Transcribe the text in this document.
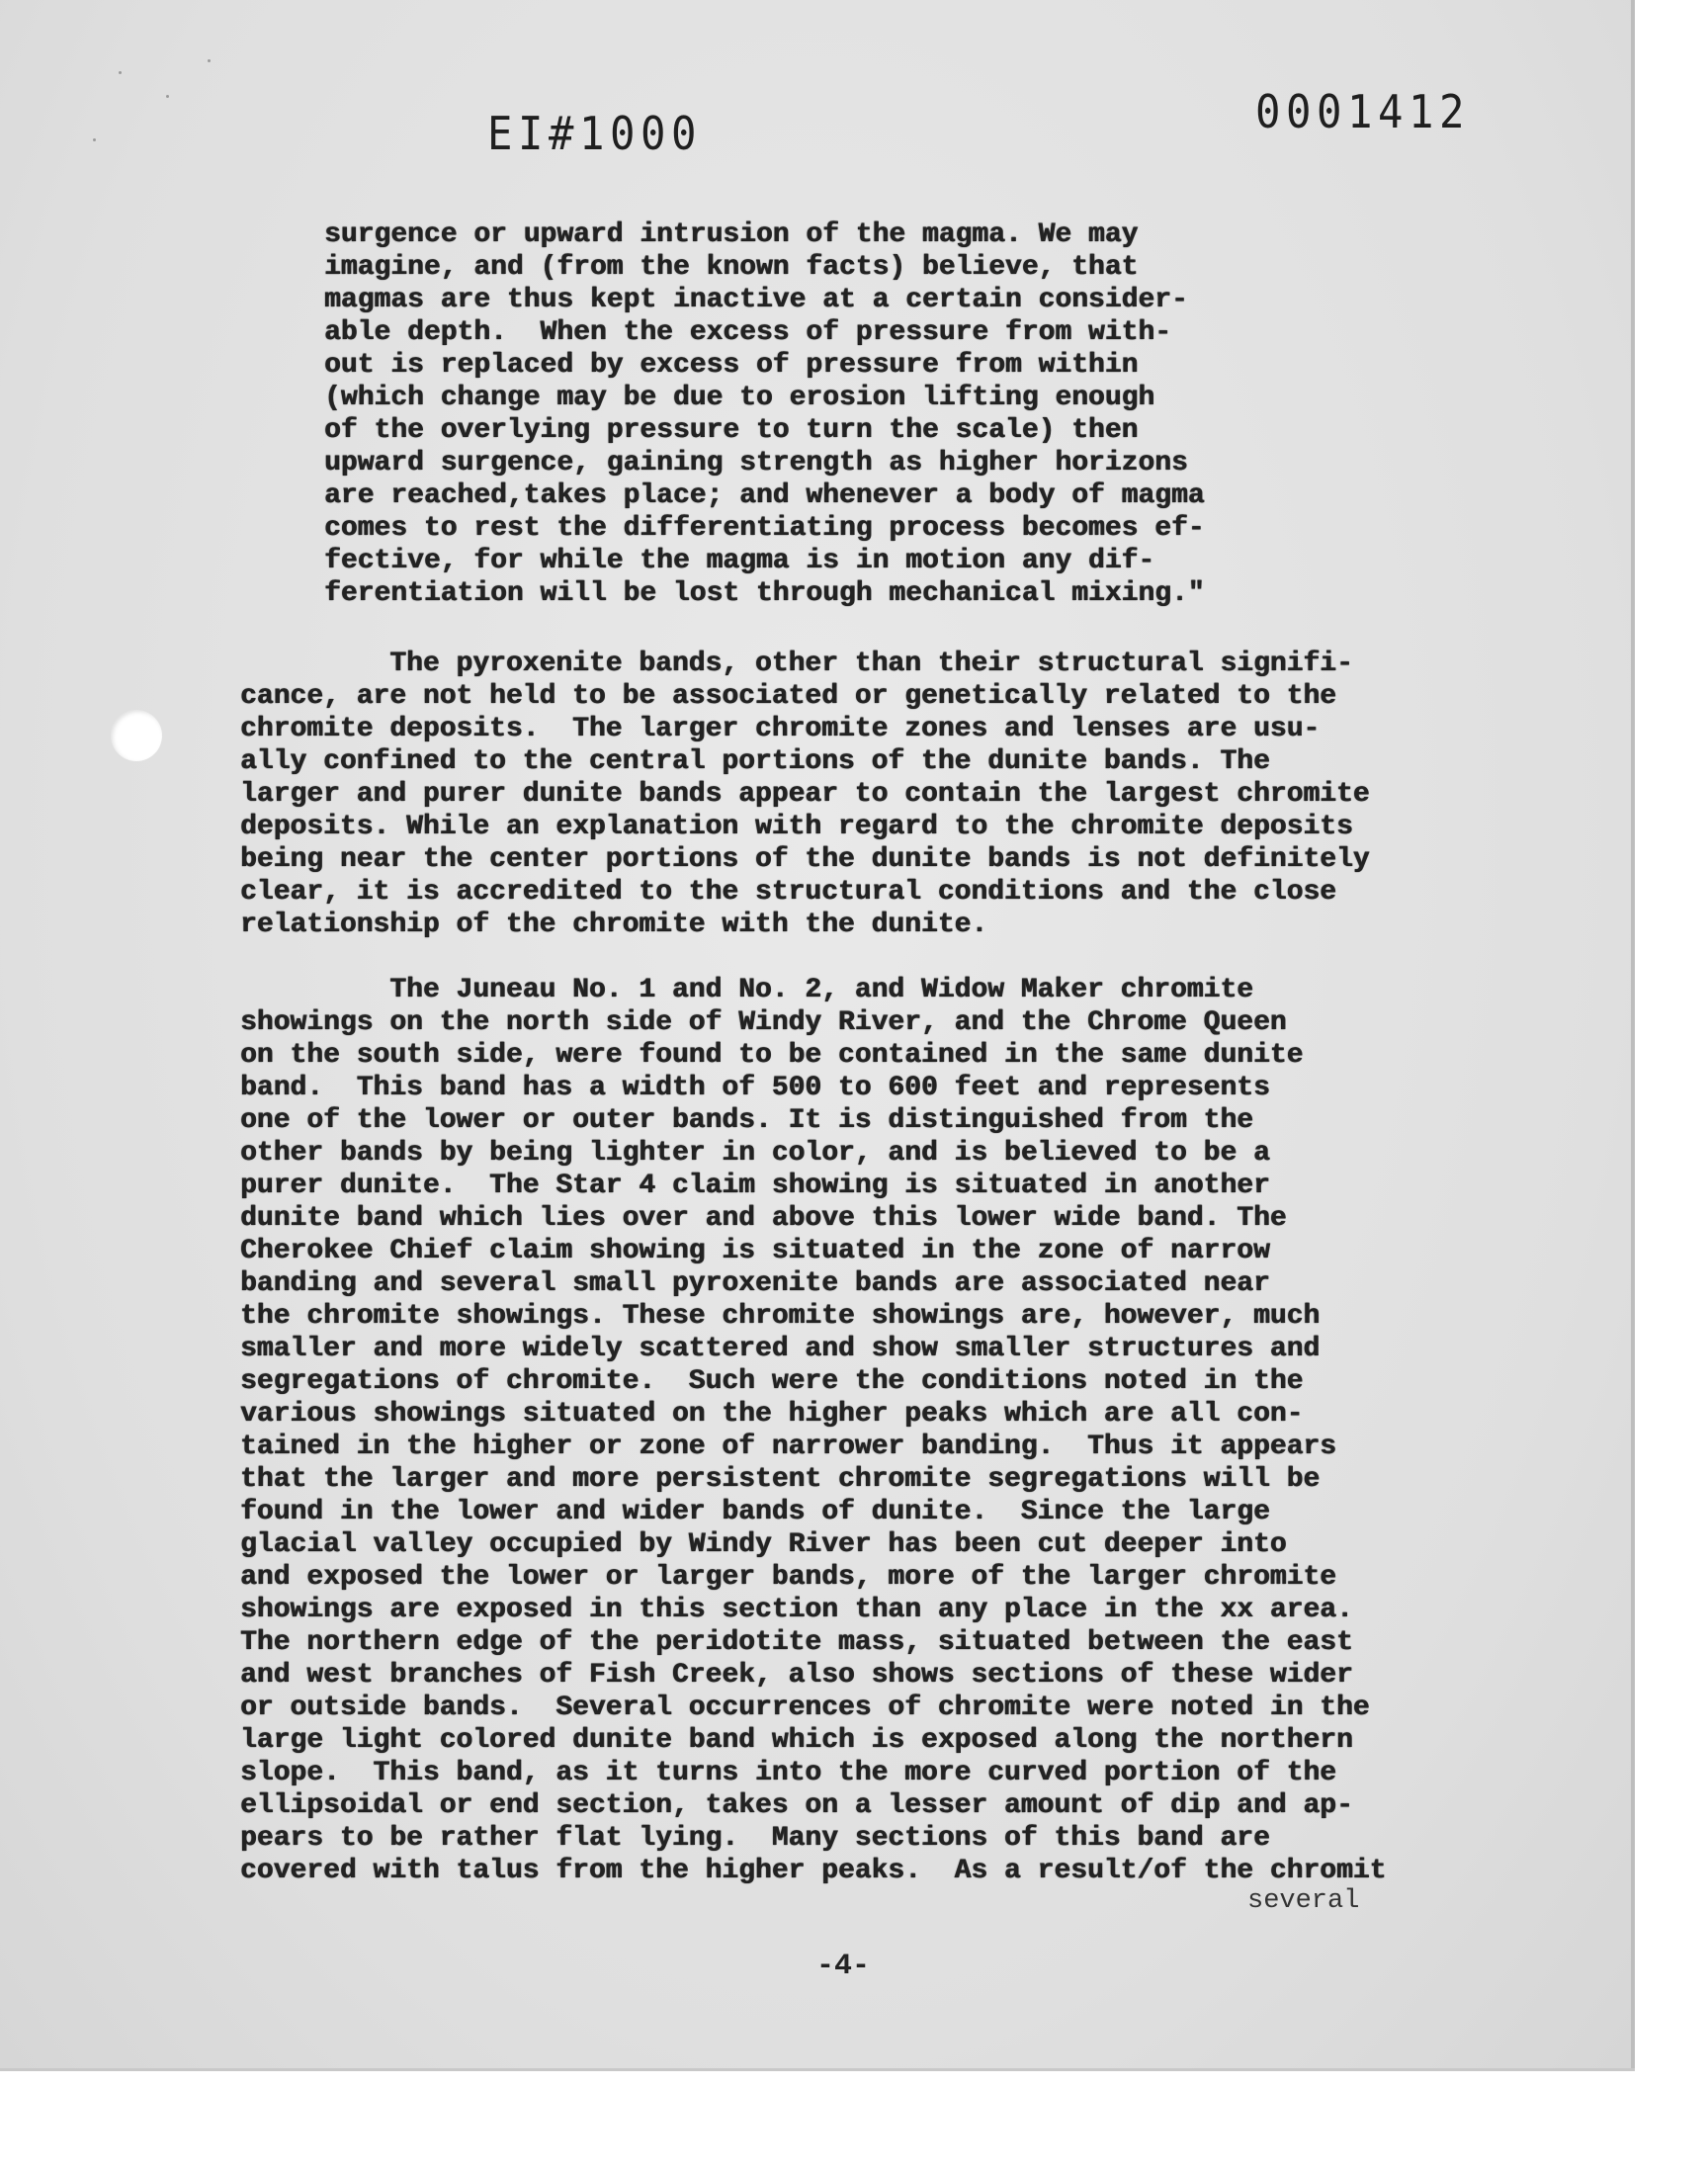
EI#1000	0001412
surgence or upward intrusion of the magma. We may
imagine, and (from the known facts) believe, that
magmas are thus kept inactive at a certain consider-
able depth.  When the excess of pressure from with-
out is replaced by excess of pressure from within
(which change may be due to erosion lifting enough
of the overlying pressure to turn the scale) then
upward surgence, gaining strength as higher horizons
are reached,takes place; and whenever a body of magma
comes to rest the differentiating process becomes ef-
fective, for while the magma is in motion any dif-
ferentiation will be lost through mechanical mixing."
The pyroxenite bands, other than their structural signifi-
cance, are not held to be associated or genetically related to the
chromite deposits.  The larger chromite zones and lenses are usu-
ally confined to the central portions of the dunite bands. The
larger and purer dunite bands appear to contain the largest chromite
deposits. While an explanation with regard to the chromite deposits
being near the center portions of the dunite bands is not definitely
clear, it is accredited to the structural conditions and the close
relationship of the chromite with the dunite.
The Juneau No. 1 and No. 2, and Widow Maker chromite
showings on the north side of Windy River, and the Chrome Queen
on the south side, were found to be contained in the same dunite
band.  This band has a width of 500 to 600 feet and represents
one of the lower or outer bands. It is distinguished from the
other bands by being lighter in color, and is believed to be a
purer dunite.  The Star 4 claim showing is situated in another
dunite band which lies over and above this lower wide band. The
Cherokee Chief claim showing is situated in the zone of narrow
banding and several small pyroxenite bands are associated near
the chromite showings. These chromite showings are, however, much
smaller and more widely scattered and show smaller structures and
segregations of chromite.  Such were the conditions noted in the
various showings situated on the higher peaks which are all con-
tained in the higher or zone of narrower banding.  Thus it appears
that the larger and more persistent chromite segregations will be
found in the lower and wider bands of dunite.  Since the large
glacial valley occupied by Windy River has been cut deeper into
and exposed the lower or larger bands, more of the larger chromite
showings are exposed in this section than any place in the xx area.
The northern edge of the peridotite mass, situated between the east
and west branches of Fish Creek, also shows sections of these wider
or outside bands.  Several occurrences of chromite were noted in the
large light colored dunite band which is exposed along the northern
slope.  This band, as it turns into the more curved portion of the
ellipsoidal or end section, takes on a lesser amount of dip and ap-
pears to be rather flat lying.  Many sections of this band are
covered with talus from the higher peaks.  As a result/of the chromit
several
-4-
